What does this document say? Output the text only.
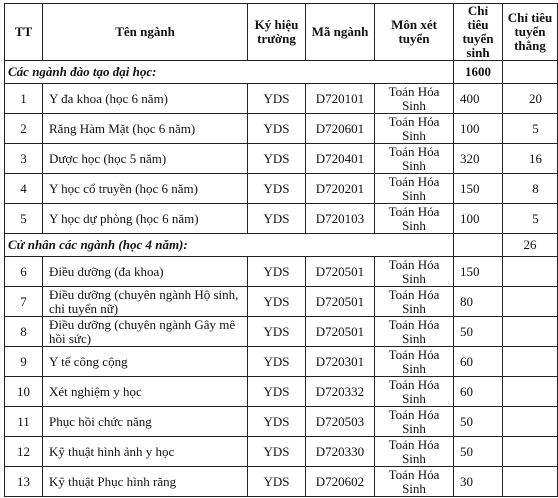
TT	Tên ngành	Ký hiệu trường	Mã ngành	Môn xét tuyển	Chỉ tiêu tuyển sinh	Chỉ tiêu tuyển thẳng
Các ngành đào tạo đại học:					1600	
1	Y đa khoa (học 6 năm)	YDS	D720101	Toán Hóa Sinh	400	20
2	Răng Hàm Mặt (học 6 năm)	YDS	D720601	Toán Hóa Sinh	100	5
3	Dược học (học 5 năm)	YDS	D720401	Toán Hóa Sinh	320	16
4	Y học cổ truyền (học 6 năm)	YDS	D720201	Toán Hóa Sinh	150	8
5	Y học dự phòng (học 6 năm)	YDS	D720103	Toán Hóa Sinh	100	5
Cử nhân các ngành (học 4 năm):						26
6	Điều dưỡng (đa khoa)	YDS	D720501	Toán Hóa Sinh	150	
7	Điều dưỡng (chuyên ngành Hộ sinh, chỉ tuyển nữ)	YDS	D720501	Toán Hóa Sinh	80	
8	Điều dưỡng (chuyên ngành Gây mê hồi sức)	YDS	D720501	Toán Hóa Sinh	50	
9	Y tế công cộng	YDS	D720301	Toán Hóa Sinh	60	
10	Xét nghiệm y học	YDS	D720332	Toán Hóa Sinh	60	
11	Phục hồi chức năng	YDS	D720503	Toán Hóa Sinh	50	
12	Kỹ thuật hình ảnh y học	YDS	D720330	Toán Hóa Sinh	50	
13	Kỹ thuật Phục hình răng	YDS	D720602	Toán Hóa Sinh	30	
